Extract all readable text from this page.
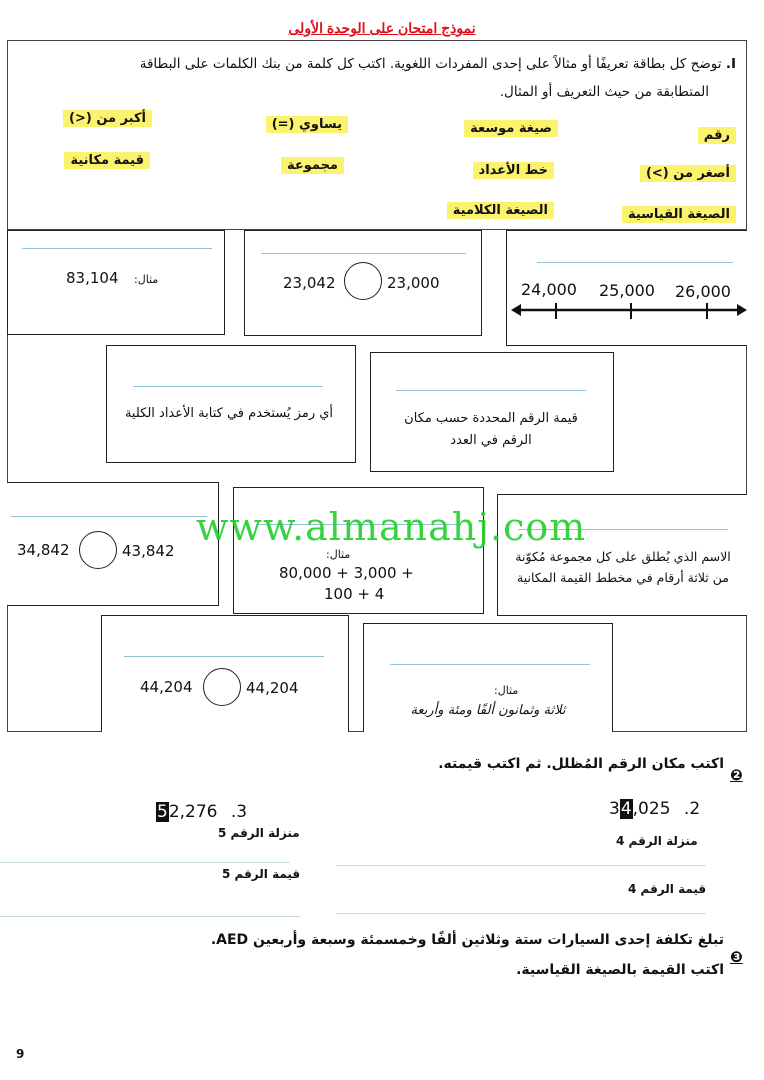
نموذج امتحان على الوحدة الأولى
I. توضح كل بطاقة تعريفًا أو مثالاً على إحدى المفردات اللغوية. اكتب كل كلمة من بنك الكلمات على البطاقة
المتطابقة من حيث التعريف أو المثال.
رقم
صيغة موسعة
يساوي (=)
أكبر من (<)
أصغر من (>)
خط الأعداد
مجموعة
قيمة مكانية
الصيغة القياسية
الصيغة الكلامية
83,104 مثال:	23,042	23,000	24,000 25,000 26,000
أي رمز يُستخدم في كتابة الأعداد الكلية	قيمة الرقم المحددة حسب مكان الرقم في العدد
34,842	43,842	مثال:
80,000 + 3,000 +
100 + 4
الاسم الذي يُطلق على كل مجموعة مُكوّنة من ثلاثة أرقام في مخطط القيمة المكانية
44,204	44,204	مثال:
ثلاثة وثمانون ألفًا ومئة وأربعة
www.almanahj.com
❷
اكتب مكان الرقم المُظلل. ثم اكتب قيمته.
52,276 .3	34,025 .2
منزلة الرقم 5
منزلة الرقم 4
قيمة الرقم 5
قيمة الرقم 4
❸
تبلغ تكلفة إحدى السيارات ستة وثلاثين ألفًا وخمسمئة وسبعة وأربعين AED.
اكتب القيمة بالصيغة القياسية.
9
